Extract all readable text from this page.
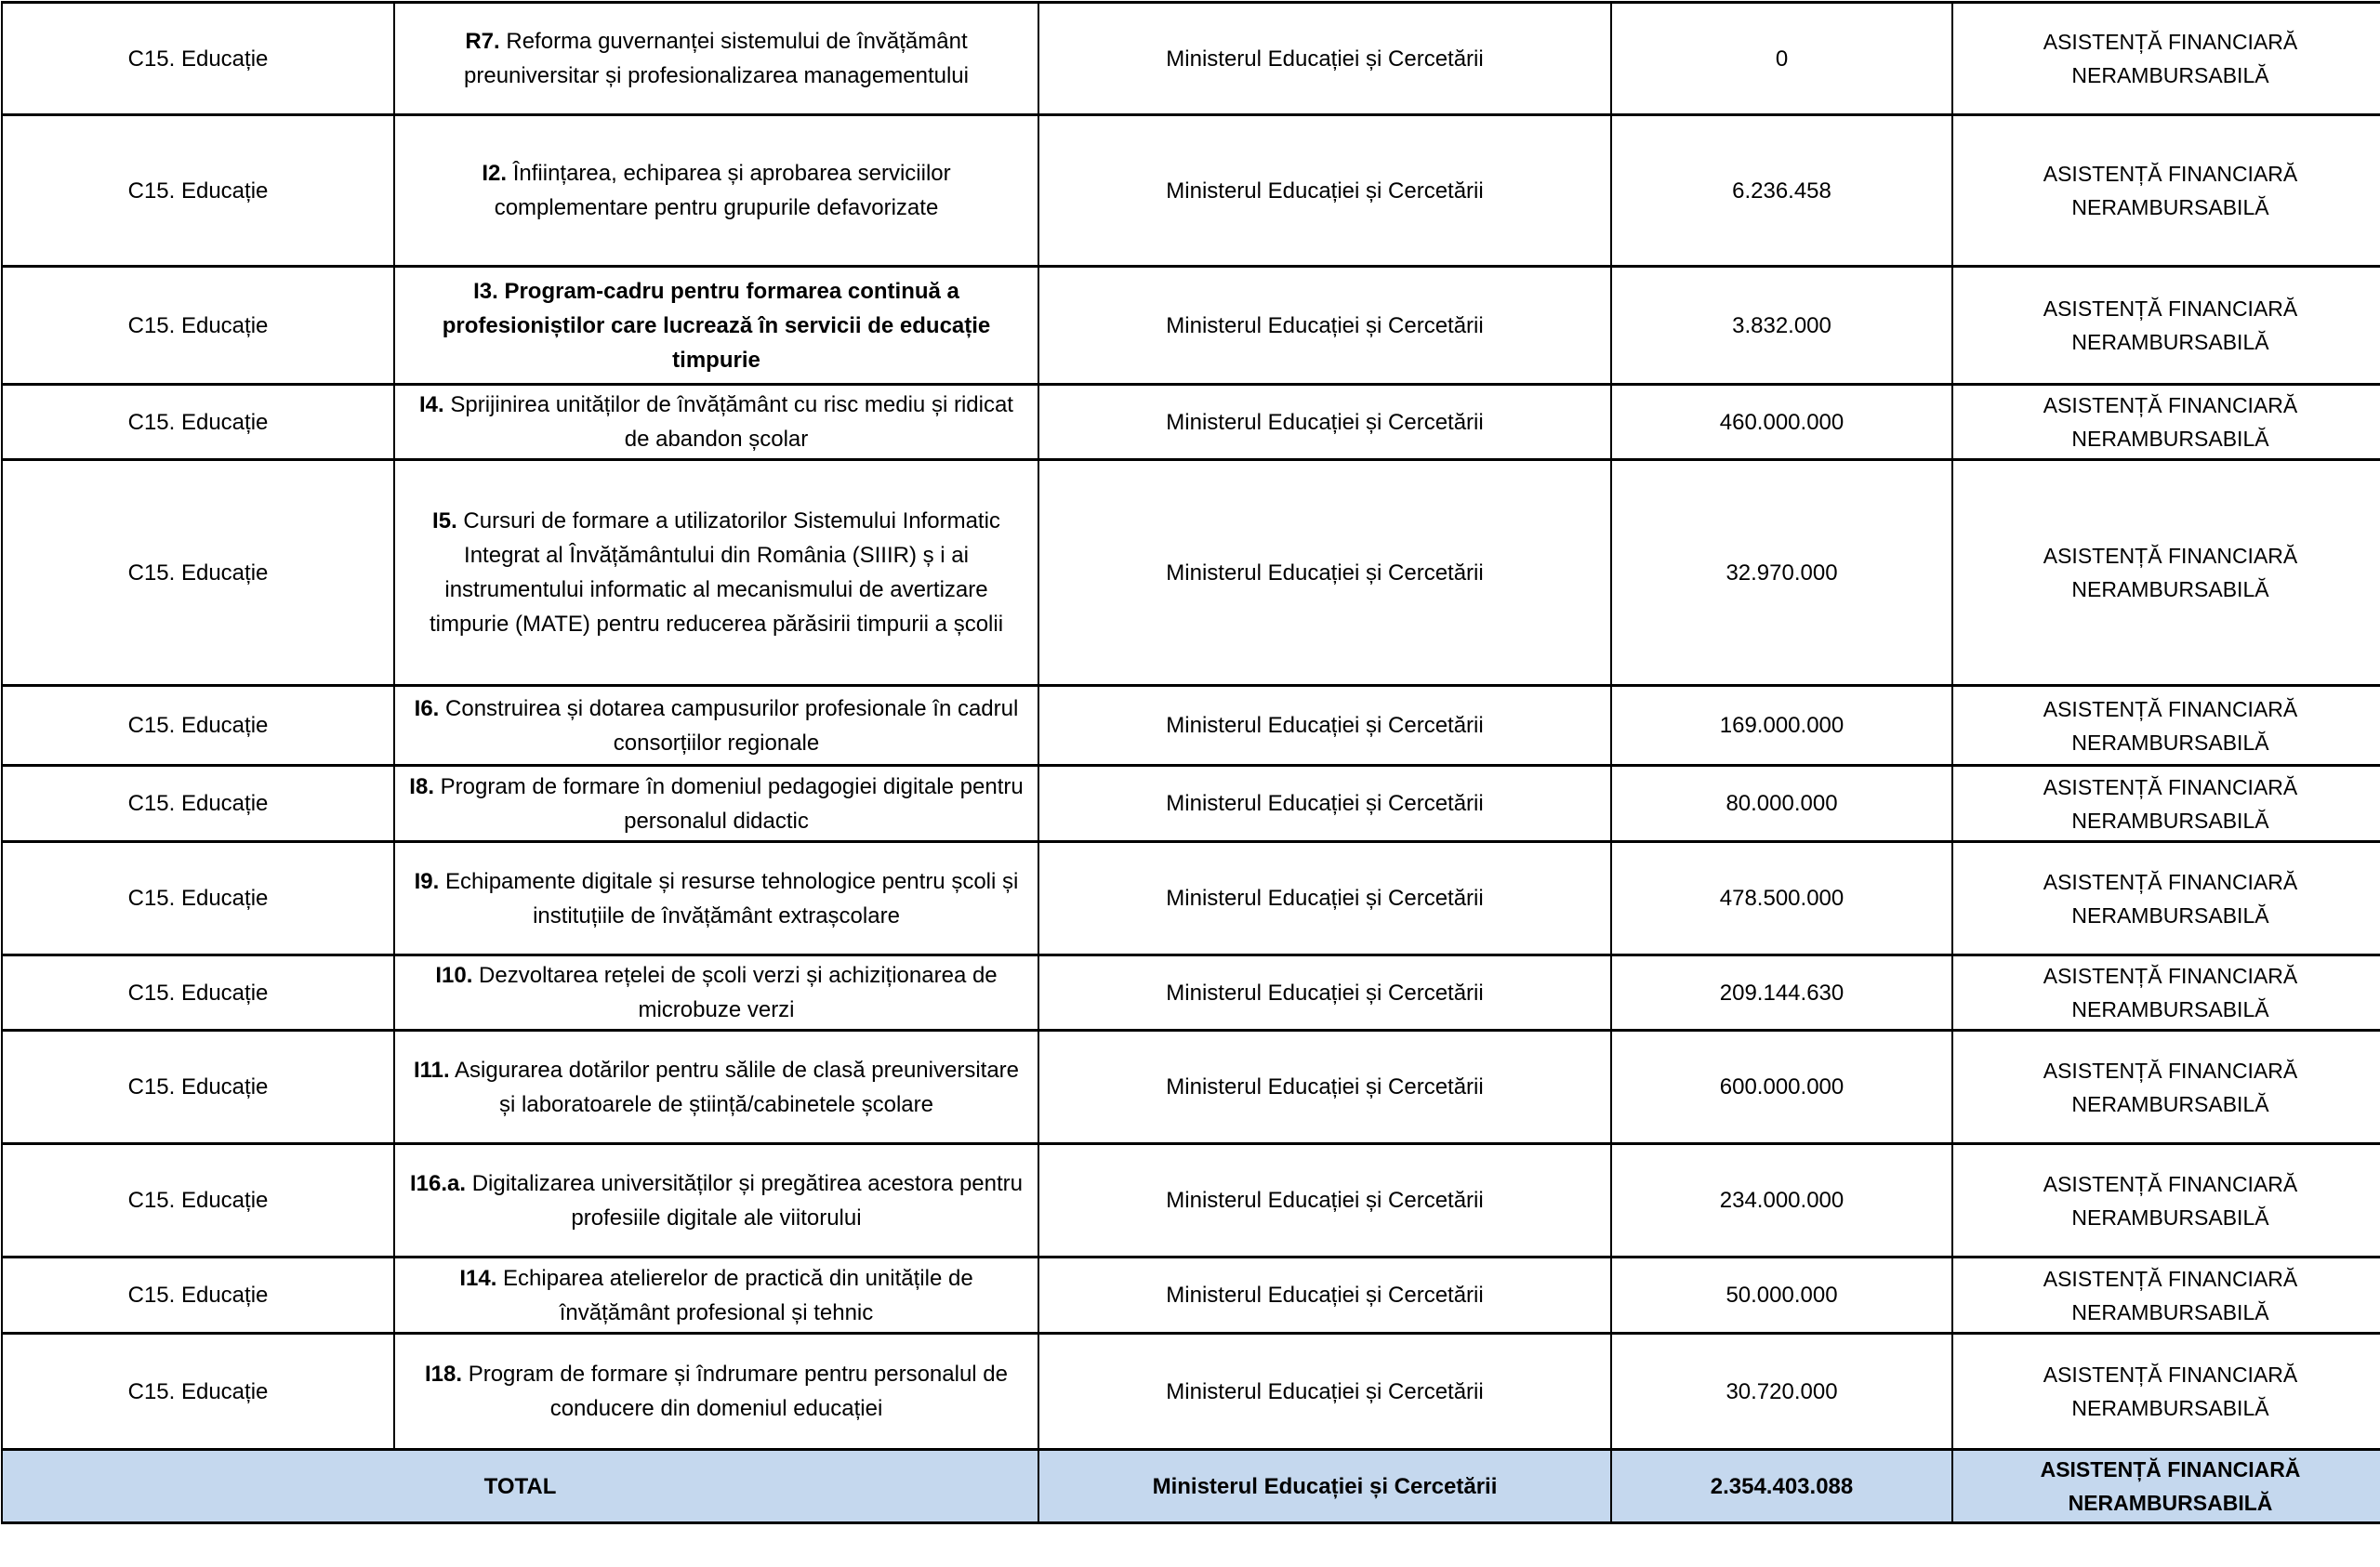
C15. Educație	R7. Reforma guvernanței sistemului de învățământ preuniversitar și profesionalizarea managementului	Ministerul Educației și Cercetării	0	ASISTENȚĂ FINANCIARĂ NERAMBURSABILĂ
C15. Educație	I2. Înființarea, echiparea și aprobarea serviciilor complementare pentru grupurile defavorizate	Ministerul Educației și Cercetării	6.236.458	ASISTENȚĂ FINANCIARĂ NERAMBURSABILĂ
C15. Educație	I3. Program-cadru pentru formarea continuă a profesioniștilor care lucrează în servicii de educație timpurie	Ministerul Educației și Cercetării	3.832.000	ASISTENȚĂ FINANCIARĂ NERAMBURSABILĂ
C15. Educație	I4. Sprijinirea unităților de învățământ cu risc mediu și ridicat de abandon școlar	Ministerul Educației și Cercetării	460.000.000	ASISTENȚĂ FINANCIARĂ NERAMBURSABILĂ
C15. Educație	I5. Cursuri de formare a utilizatorilor Sistemului Informatic Integrat al Învățământului din România (SIIIR) ș i ai instrumentului informatic al mecanismului de avertizare timpurie (MATE) pentru reducerea părăsirii timpurii a școlii	Ministerul Educației și Cercetării	32.970.000	ASISTENȚĂ FINANCIARĂ NERAMBURSABILĂ
C15. Educație	I6. Construirea și dotarea campusurilor profesionale în cadrul consorțiilor regionale	Ministerul Educației și Cercetării	169.000.000	ASISTENȚĂ FINANCIARĂ NERAMBURSABILĂ
C15. Educație	I8. Program de formare în domeniul pedagogiei digitale pentru personalul didactic	Ministerul Educației și Cercetării	80.000.000	ASISTENȚĂ FINANCIARĂ NERAMBURSABILĂ
C15. Educație	I9. Echipamente digitale și resurse tehnologice pentru școli și instituțiile de învățământ extrașcolare	Ministerul Educației și Cercetării	478.500.000	ASISTENȚĂ FINANCIARĂ NERAMBURSABILĂ
C15. Educație	I10. Dezvoltarea rețelei de școli verzi și achiziționarea de microbuze verzi	Ministerul Educației și Cercetării	209.144.630	ASISTENȚĂ FINANCIARĂ NERAMBURSABILĂ
C15. Educație	I11. Asigurarea dotărilor pentru sălile de clasă preuniversitare și laboratoarele de știință/cabinetele școlare	Ministerul Educației și Cercetării	600.000.000	ASISTENȚĂ FINANCIARĂ NERAMBURSABILĂ
C15. Educație	I16.a. Digitalizarea universităților și pregătirea acestora pentru profesiile digitale ale viitorului	Ministerul Educației și Cercetării	234.000.000	ASISTENȚĂ FINANCIARĂ NERAMBURSABILĂ
C15. Educație	I14. Echiparea atelierelor de practică din unitățile de învățământ profesional și tehnic	Ministerul Educației și Cercetării	50.000.000	ASISTENȚĂ FINANCIARĂ NERAMBURSABILĂ
C15. Educație	I18. Program de formare și îndrumare pentru personalul de conducere din domeniul educației	Ministerul Educației și Cercetării	30.720.000	ASISTENȚĂ FINANCIARĂ NERAMBURSABILĂ
TOTAL		Ministerul Educației și Cercetării	2.354.403.088	ASISTENȚĂ FINANCIARĂ NERAMBURSABILĂ
